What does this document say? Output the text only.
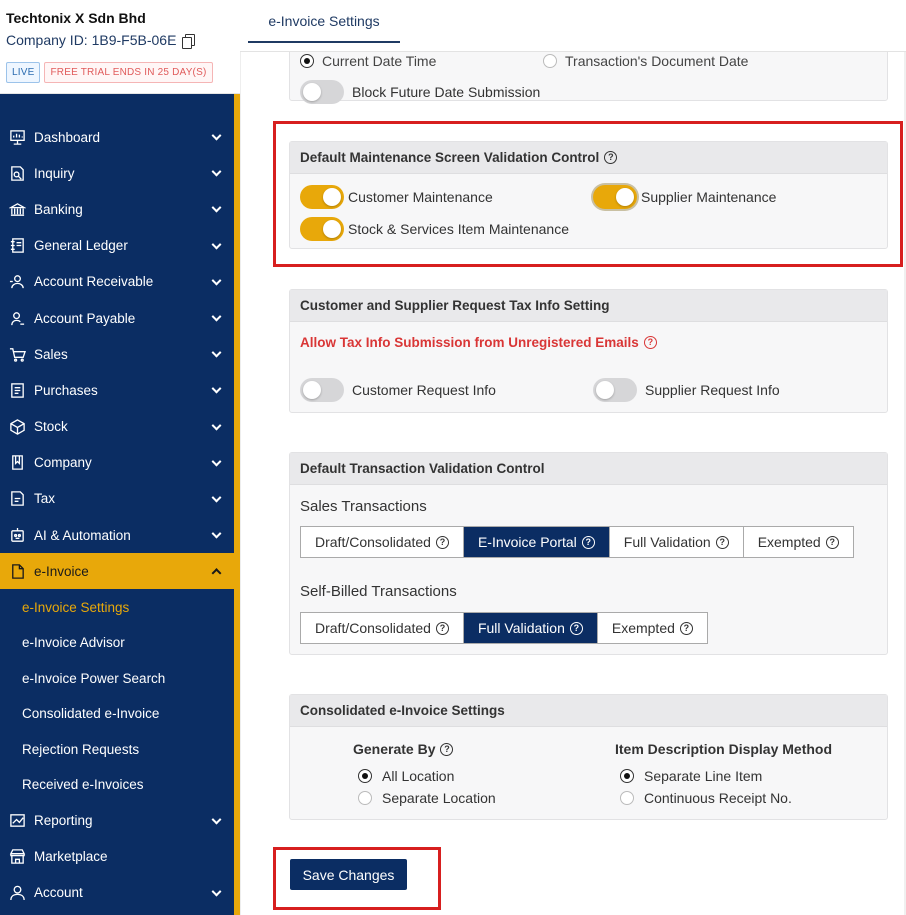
Techtonix X Sdn Bhd
Company ID: 1B9-F5B-06E
LIVE	FREE TRIAL ENDS IN 25 DAY(S)
Dashboard
Inquiry
Banking
General Ledger
Account Receivable
Account Payable
Sales
Purchases
Stock
Company
Tax
AI & Automation
e-Invoice
e-Invoice Settings
e-Invoice Advisor
e-Invoice Power Search
Consolidated e-Invoice
Rejection Requests
Received e-Invoices
Reporting
Marketplace
Account
e-Invoice Settings
Current Date Time	Transaction's Document Date
Block Future Date Submission
Default Maintenance Screen Validation Control ?
Customer Maintenance	Supplier Maintenance
Stock & Services Item Maintenance
Customer and Supplier Request Tax Info Setting
Allow Tax Info Submission from Unregistered Emails ?
Customer Request Info	Supplier Request Info
Default Transaction Validation Control
Sales Transactions
Draft/Consolidated ? E-Invoice Portal ? Full Validation ? Exempted ?
Self-Billed Transactions
Draft/Consolidated ? Full Validation ? Exempted ?
Consolidated e-Invoice Settings
Generate By ?
All Location
Separate Location
Item Description Display Method
Separate Line Item
Continuous Receipt No.
Save Changes
